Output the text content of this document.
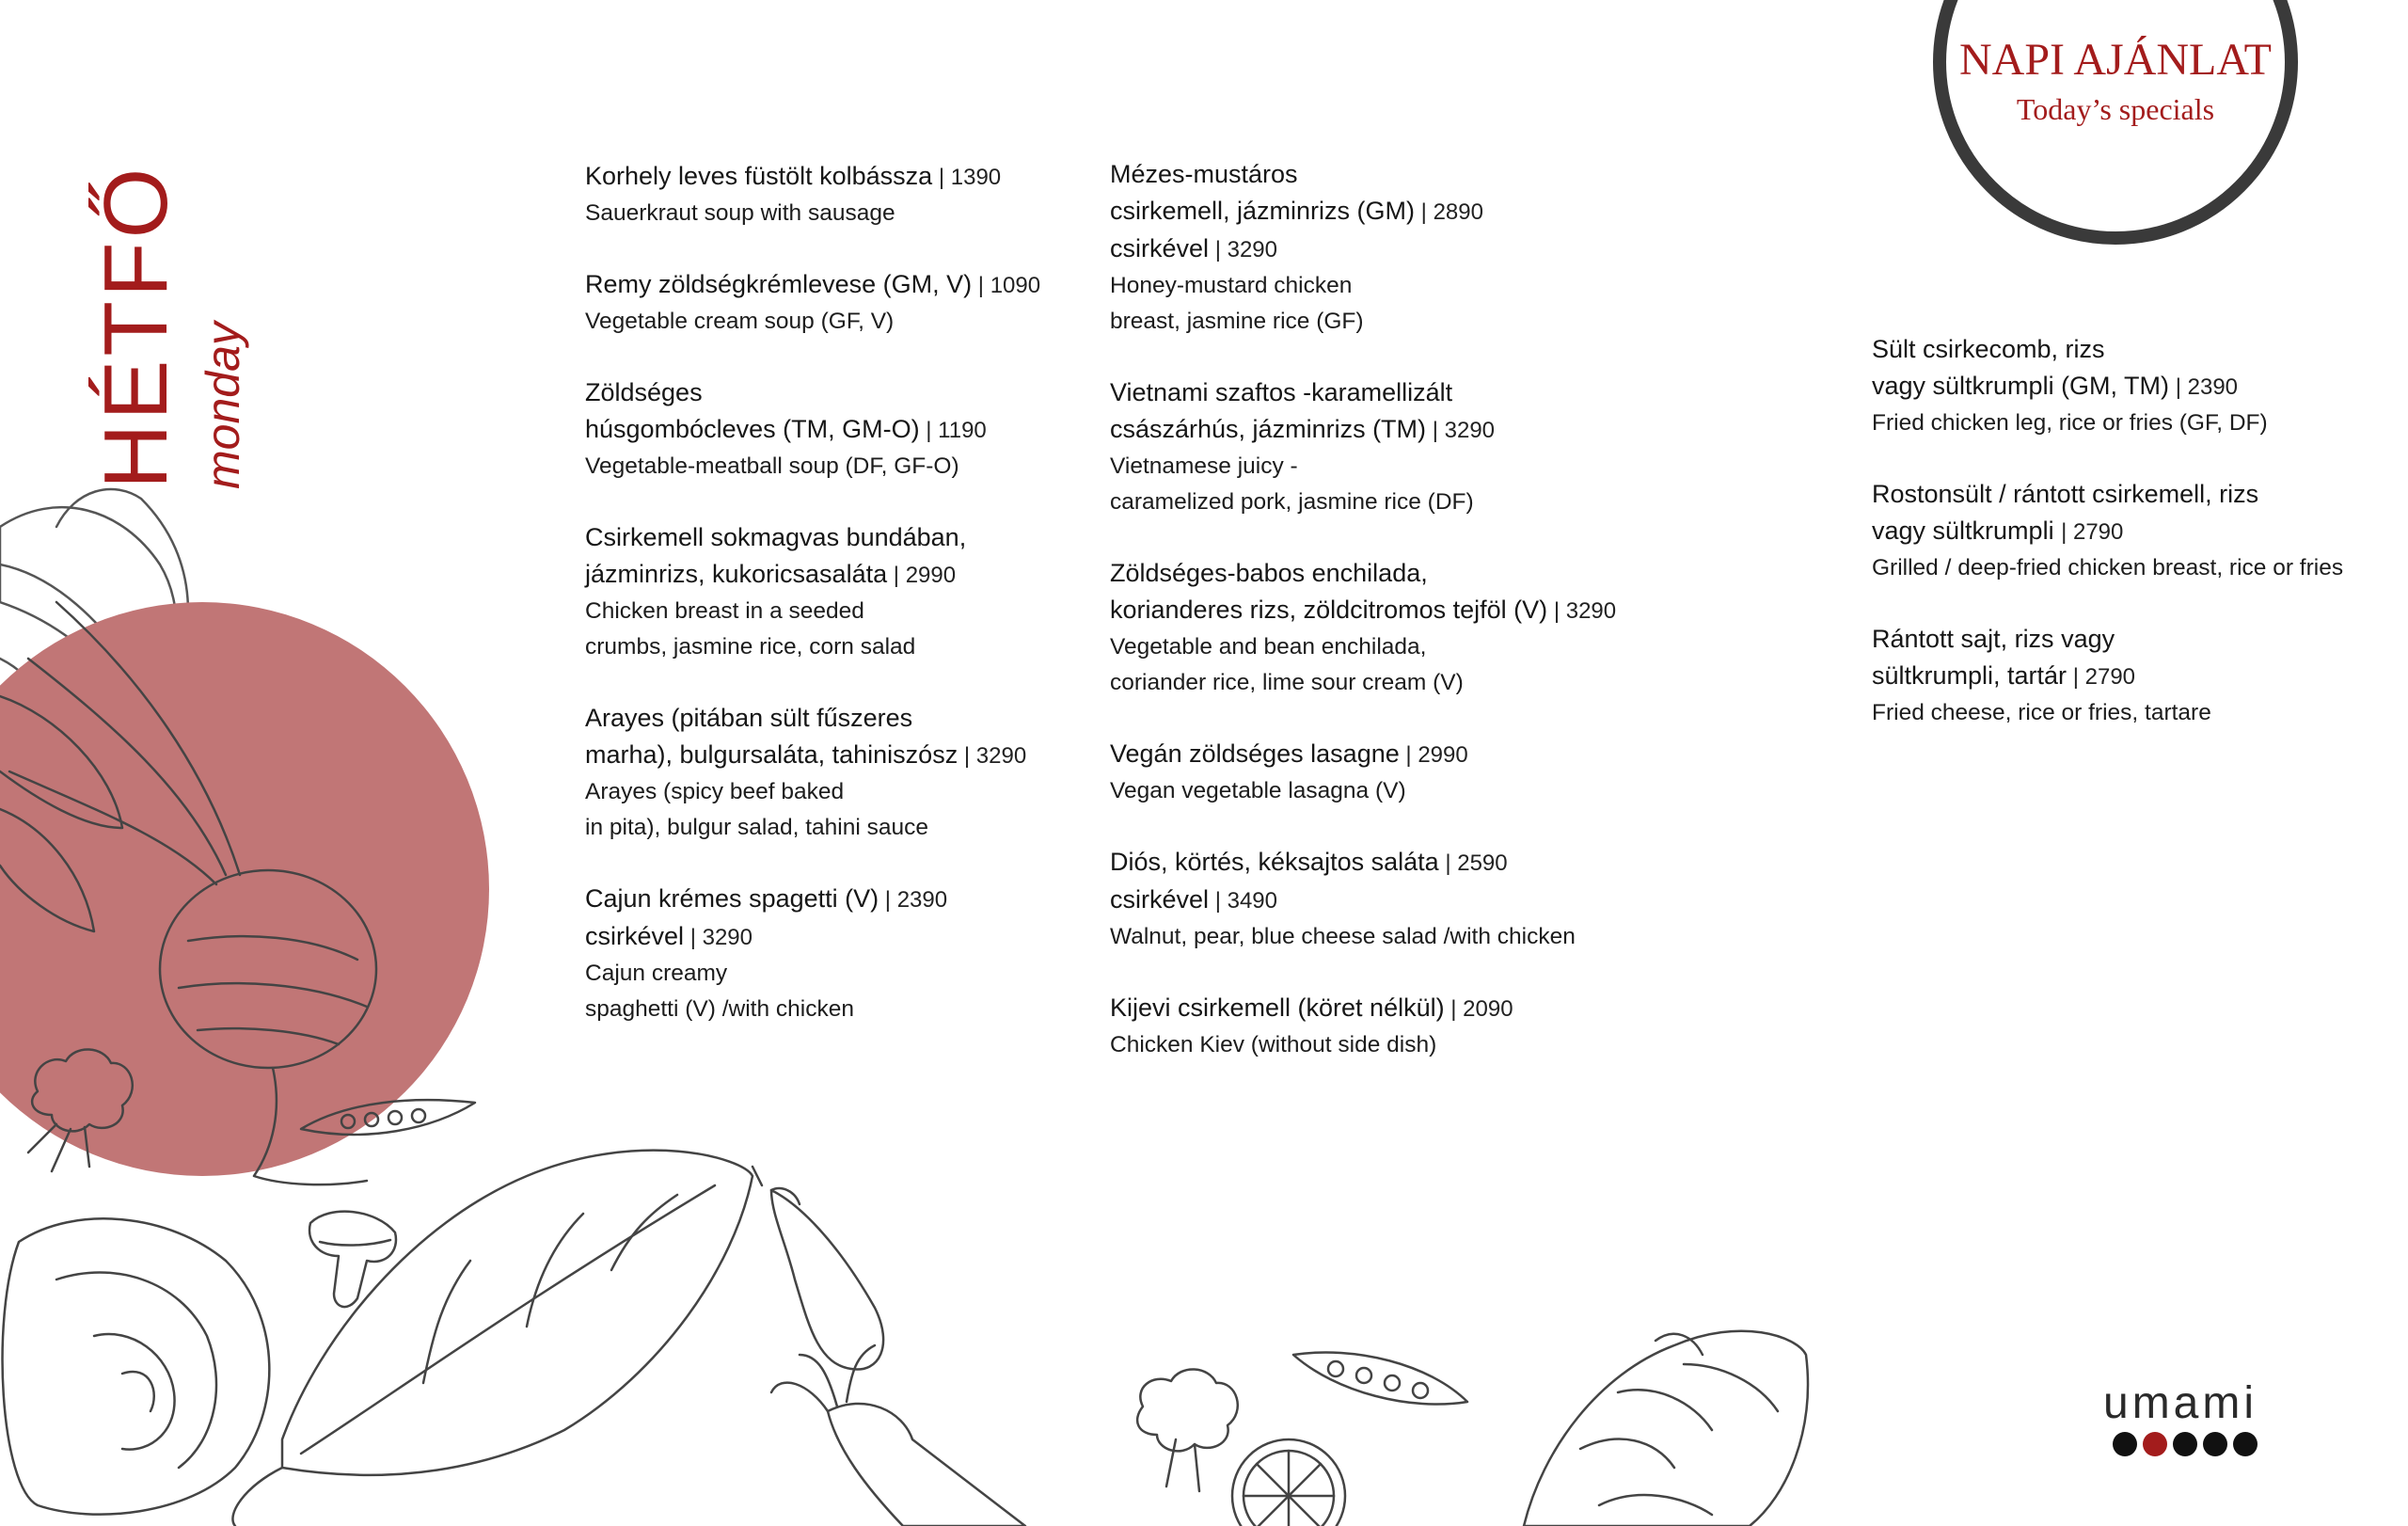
HÉTFŐ monday
NAPI AJÁNLAT
Today’s specials
Korhely leves füstölt kolbássza | 1390
Sauerkraut soup with sausage
Remy zöldségkrémlevese (GM, V) | 1090
Vegetable cream soup (GF, V)
Zöldséges
húsgombócleves (TM, GM-O) | 1190
Vegetable-meatball soup (DF, GF-O)
Csirkemell sokmagvas bundában,
jázminrizs, kukoricsasaláta | 2990
Chicken breast in a seeded
crumbs, jasmine rice, corn salad
Arayes (pitában sült fűszeres
marha), bulgursaláta, tahiniszósz | 3290
Arayes (spicy beef baked
in pita), bulgur salad, tahini sauce
Cajun krémes spagetti (V) | 2390
csirkével | 3290
Cajun creamy
spaghetti (V) /with chicken
Mézes-mustáros
csirkemell, jázminrizs (GM) | 2890
csirkével | 3290
Honey-mustard chicken
breast, jasmine rice (GF)
Vietnami szaftos -karamellizált
császárhús, jázminrizs (TM) | 3290
Vietnamese juicy -
caramelized pork, jasmine rice (DF)
Zöldséges-babos enchilada,
korianderes rizs, zöldcitromos tejföl (V) | 3290
Vegetable and bean enchilada,
coriander rice, lime sour cream (V)
Vegán zöldséges lasagne | 2990
Vegan vegetable lasagna (V)
Diós, körtés, kéksajtos saláta | 2590
csirkével | 3490
Walnut, pear, blue cheese salad /with chicken
Kijevi csirkemell (köret nélkül) | 2090
Chicken Kiev (without side dish)
Sült csirkecomb, rizs
vagy sültkrumpli (GM, TM) | 2390
Fried chicken leg, rice or fries (GF, DF)
Rostonsült / rántott csirkemell, rizs
vagy sültkrumpli | 2790
Grilled / deep-fried chicken breast, rice or fries
Rántott sajt, rizs vagy
sültkrumpli, tartár | 2790
Fried cheese, rice or fries, tartare
umami
